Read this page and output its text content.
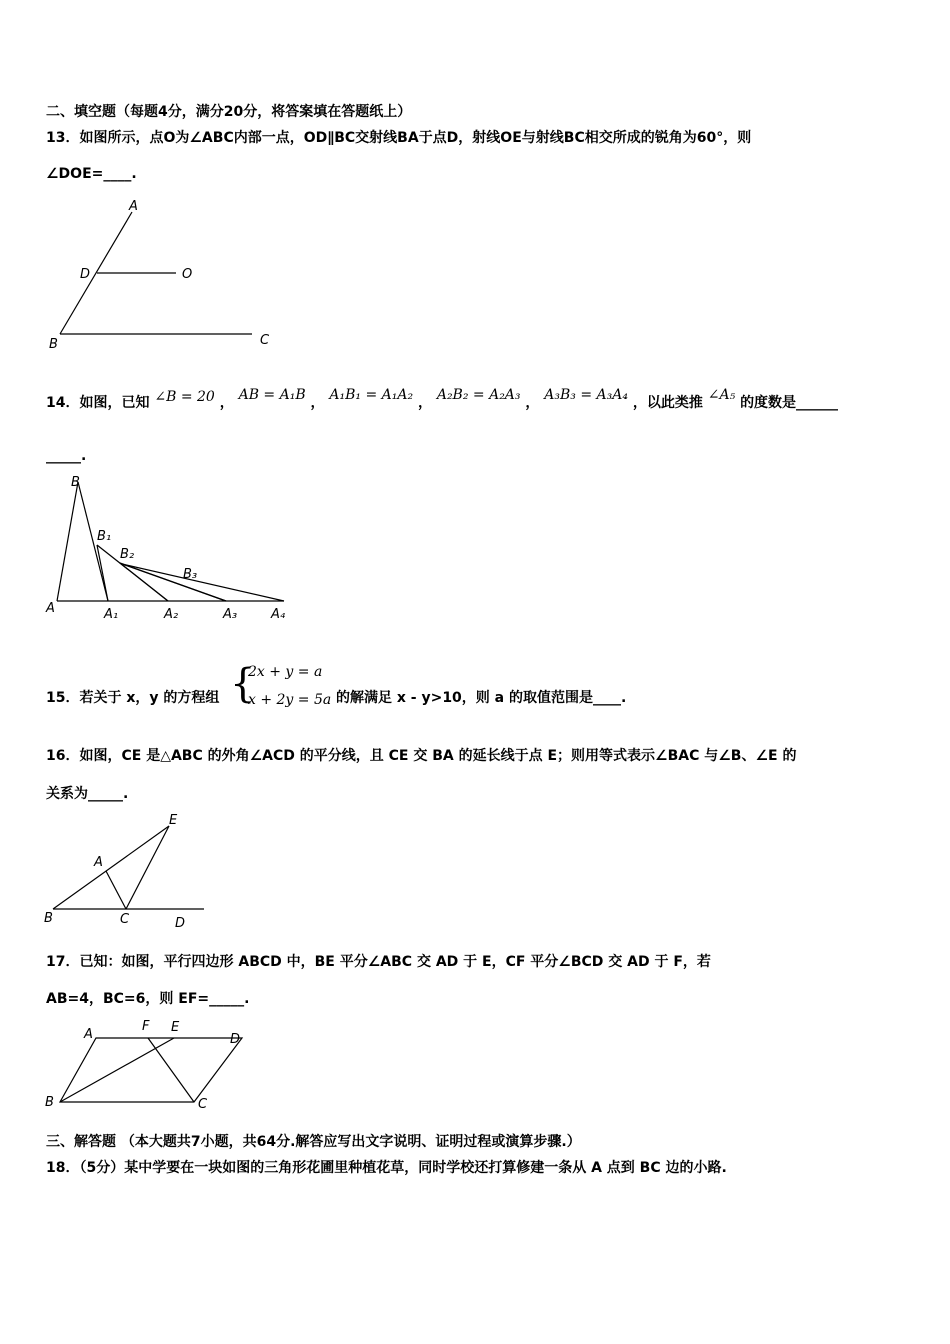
二、填空题（每题4分，满分20分，将答案填在答题纸上）
13．如图所示，点O为∠ABC内部一点，OD∥BC交射线BA于点D，射线OE与射线BC相交所成的锐角为60°，则
∠DOE=____.
A
D	O
B	C
14．如图，已知 ∠B = 20 ， AB = A₁B ， A₁B₁ = A₁A₂ ， A₂B₂ = A₂A₃ ， A₃B₃ = A₃A₄ ，以此类推 ∠A₅ 的度数是______
_____.
B
B₁
B₂
B₃
A	A₁	A₂	A₃	A₄
15．若关于 x，y 的方程组 {
2x + y = a
x + 2y = 5a 的解满足 x - y>10，则 a 的取值范围是____.
16．如图，CE 是△ABC 的外角∠ACD 的平分线，且 CE 交 BA 的延长线于点 E；则用等式表示∠BAC 与∠B、∠E 的
关系为_____.
E
A
B	C	D
17．已知：如图，平行四边形 ABCD 中，BE 平分∠ABC 交 AD 于 E，CF 平分∠BCD 交 AD 于 F，若
AB=4，BC=6，则 EF=_____.
A
F E
D
B	C
三、解答题 （本大题共7小题，共64分.解答应写出文字说明、证明过程或演算步骤.）
18．（5分）某中学要在一块如图的三角形花圃里种植花草，同时学校还打算修建一条从 A 点到 BC 边的小路.
